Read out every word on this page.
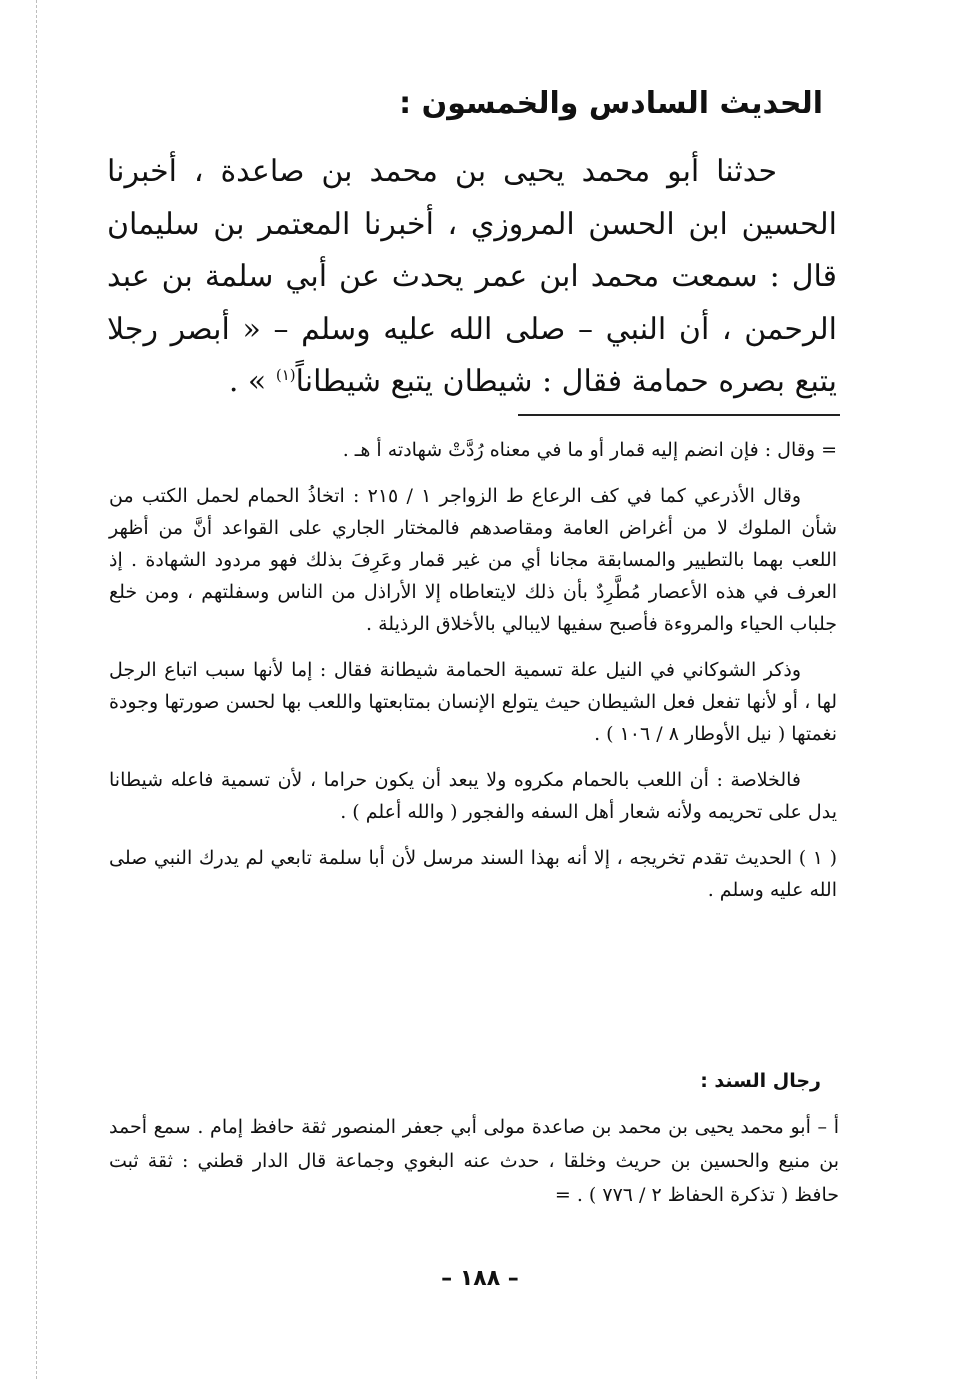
الحديث السادس والخمسون :

حدثنا أبو محمد يحيى بن محمد بن صاعدة ، أخبرنا الحسين ابن الحسن المروزي ، أخبرنا المعتمر بن سليمان قال : سمعت محمد ابن عمر يحدث عن أبي سلمة بن عبد الرحمن ، أن النبي – صلى الله عليه وسلم – « أبصر رجلا يتبع بصره حمامة فقال : شيطان يتبع شيطاناً$^{(١)}$ » .

= وقال : فإن انضم إليه قمار أو ما في معناه رُدَّتْ شهادته أ هـ .

وقال الأذرعي كما في كف الرعاع ط الزواجر ١ / ٢١٥ : اتخاذُ الحمام لحمل الكتب من شأن الملوك لا من أغراض العامة ومقاصدهم فالمختار الجاري على القواعد أنَّ من أظهر اللعب بهما بالتطيير والمسابقة مجانا أي من غير قمار وعَرِفَ بذلك فهو مردود الشهادة . إذ العرف في هذه الأعصار مُطَّرِدٌ بأن ذلك لايتعاطاه إلا الأراذل من الناس وسفلتهم ، ومن خلع جلباب الحياء والمروءة فأصبح سفيها لايبالي بالأخلاق الرذيلة .

وذكر الشوكاني في النيل علة تسمية الحمامة شيطانة فقال : إما لأنها سبب اتباع الرجل لها ، أو لأنها تفعل فعل الشيطان حيث يتولع الإنسان بمتابعتها واللعب بها لحسن صورتها وجودة نغمتها ( نيل الأوطار ٨ / ١٠٦ ) .

فالخلاصة : أن اللعب بالحمام مكروه ولا يبعد أن يكون حراما ، لأن تسمية فاعله شيطانا يدل على تحريمه ولأنه شعار أهل السفه والفجور ( والله أعلم ) .

( ١ ) الحديث تقدم تخريجه ، إلا أنه بهذا السند مرسل لأن أبا سلمة تابعي لم يدرك النبي صلى الله عليه وسلم .

رجال السند :

أ – أبو محمد يحيى بن محمد بن صاعدة مولى أبي جعفر المنصور ثقة حافظ إمام . سمع أحمد بن منيع والحسين بن حريث وخلقا ، حدث عنه البغوي وجماعة قال الدار قطني : ثقة ثبت حافظ ( تذكرة الحفاظ ٢ / ٧٧٦ ) . =

– ١٨٨ –
